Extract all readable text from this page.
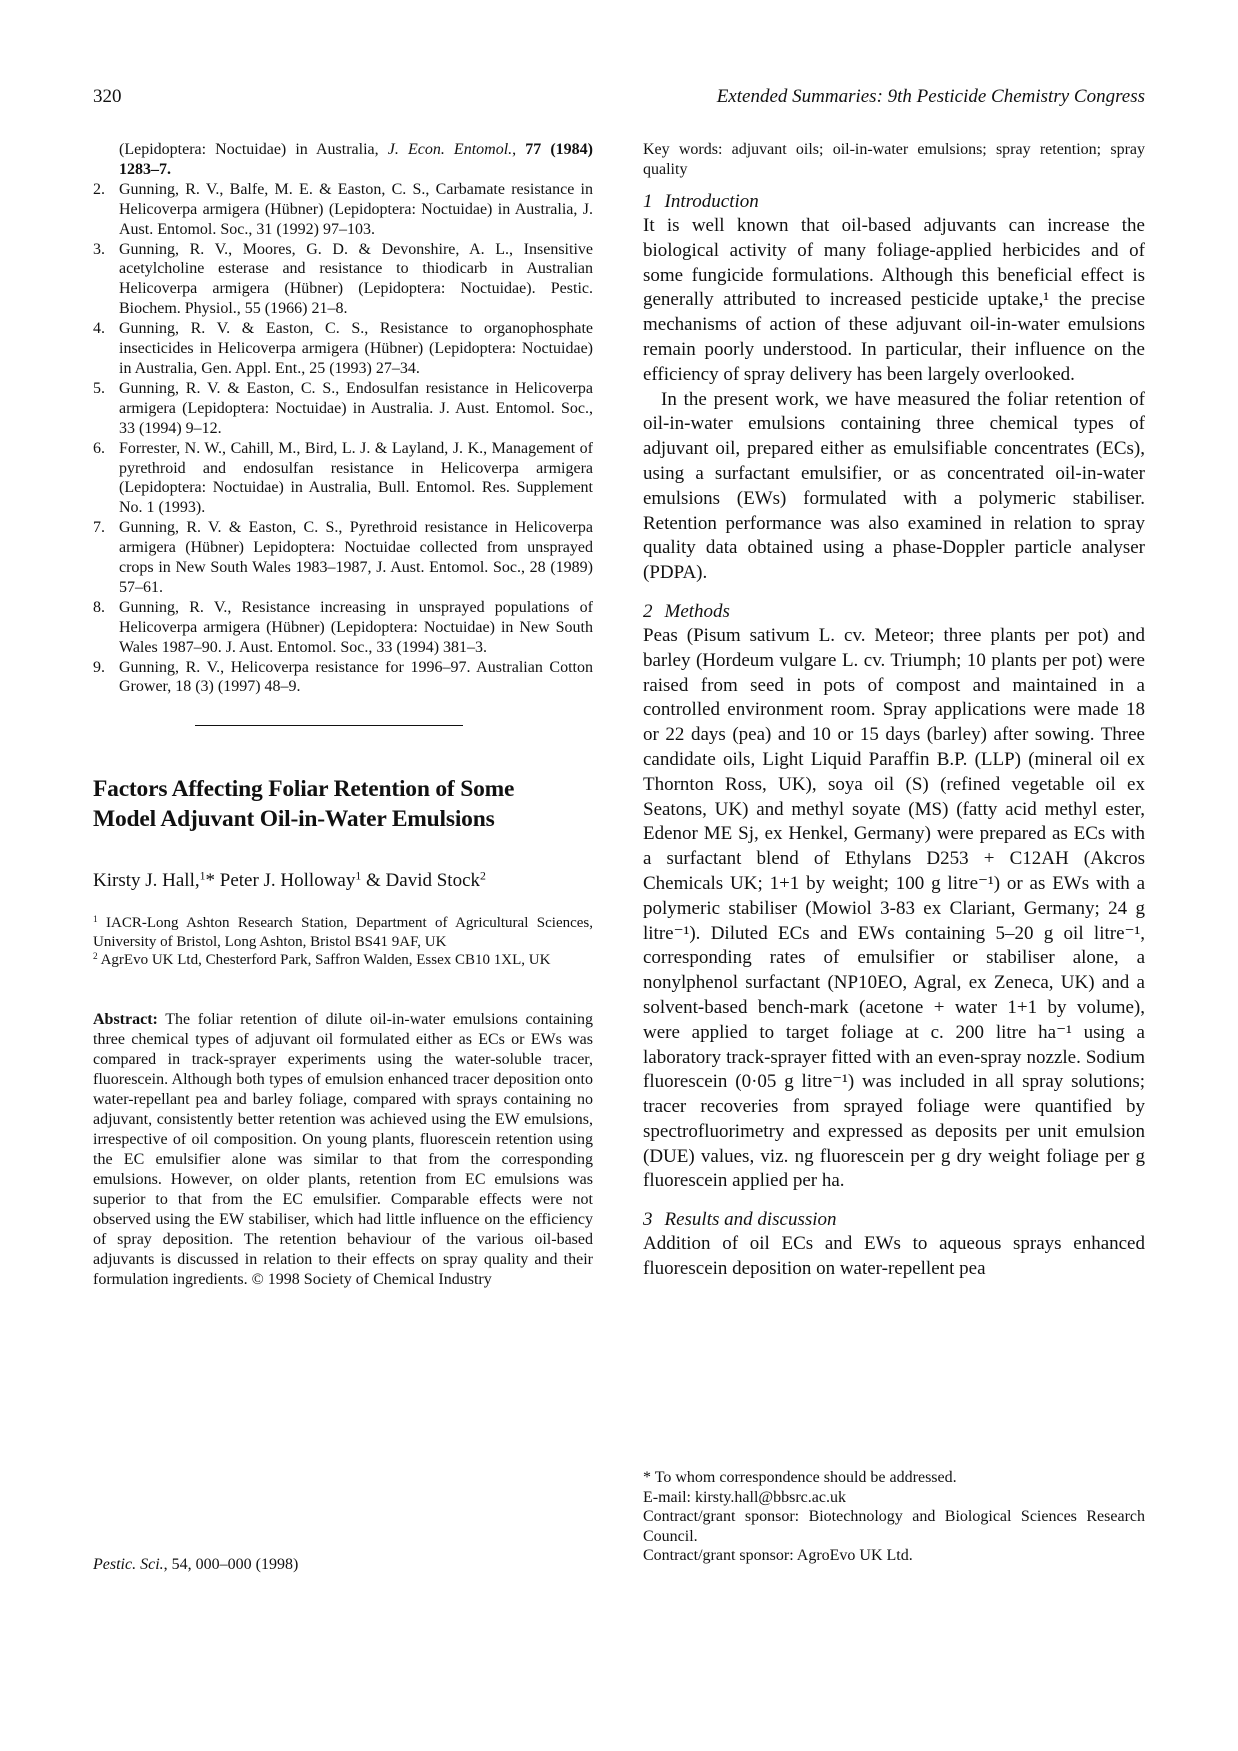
320	Extended Summaries: 9th Pesticide Chemistry Congress
(Lepidoptera: Noctuidae) in Australia, J. Econ. Entomol., 77 (1984) 1283–7.
2. Gunning, R. V., Balfe, M. E. & Easton, C. S., Carbamate resistance in Helicoverpa armigera (Hübner) (Lepidoptera: Noctuidae) in Australia, J. Aust. Entomol. Soc., 31 (1992) 97–103.
3. Gunning, R. V., Moores, G. D. & Devonshire, A. L., Insensitive acetylcholine esterase and resistance to thiodicarb in Australian Helicoverpa armigera (Hübner) (Lepidoptera: Noctuidae). Pestic. Biochem. Physiol., 55 (1966) 21–8.
4. Gunning, R. V. & Easton, C. S., Resistance to organophosphate insecticides in Helicoverpa armigera (Hübner) (Lepidoptera: Noctuidae) in Australia, Gen. Appl. Ent., 25 (1993) 27–34.
5. Gunning, R. V. & Easton, C. S., Endosulfan resistance in Helicoverpa armigera (Lepidoptera: Noctuidae) in Australia. J. Aust. Entomol. Soc., 33 (1994) 9–12.
6. Forrester, N. W., Cahill, M., Bird, L. J. & Layland, J. K., Management of pyrethroid and endosulfan resistance in Helicoverpa armigera (Lepidoptera: Noctuidae) in Australia, Bull. Entomol. Res. Supplement No. 1 (1993).
7. Gunning, R. V. & Easton, C. S., Pyrethroid resistance in Helicoverpa armigera (Hübner) Lepidoptera: Noctuidae collected from unsprayed crops in New South Wales 1983–1987, J. Aust. Entomol. Soc., 28 (1989) 57–61.
8. Gunning, R. V., Resistance increasing in unsprayed populations of Helicoverpa armigera (Hübner) (Lepidoptera: Noctuidae) in New South Wales 1987–90. J. Aust. Entomol. Soc., 33 (1994) 381–3.
9. Gunning, R. V., Helicoverpa resistance for 1996–97. Australian Cotton Grower, 18 (3) (1997) 48–9.
Factors Affecting Foliar Retention of Some
Model Adjuvant Oil-in-Water Emulsions
Kirsty J. Hall,$^1$* Peter J. Holloway$^1$ & David Stock$^2$
$^1$ IACR-Long Ashton Research Station, Department of Agricultural Sciences, University of Bristol, Long Ashton, Bristol BS41 9AF, UK
$^2$ AgrEvo UK Ltd, Chesterford Park, Saffron Walden, Essex CB10 1XL, UK
Abstract: The foliar retention of dilute oil-in-water emulsions containing three chemical types of adjuvant oil formulated either as ECs or EWs was compared in track-sprayer experiments using the water-soluble tracer, fluorescein. Although both types of emulsion enhanced tracer deposition onto water-repellant pea and barley foliage, compared with sprays containing no adjuvant, consistently better retention was achieved using the EW emulsions, irrespective of oil composition. On young plants, fluorescein retention using the EC emulsifier alone was similar to that from the corresponding emulsions. However, on older plants, retention from EC emulsions was superior to that from the EC emulsifier. Comparable effects were not observed using the EW stabiliser, which had little influence on the efficiency of spray deposition. The retention behaviour of the various oil-based adjuvants is discussed in relation to their effects on spray quality and their formulation ingredients. © 1998 Society of Chemical Industry
Pestic. Sci., 54, 000–000 (1998)
Key words: adjuvant oils; oil-in-water emulsions; spray retention; spray quality
1 Introduction
It is well known that oil-based adjuvants can increase the biological activity of many foliage-applied herbicides and of some fungicide formulations. Although this beneficial effect is generally attributed to increased pesticide uptake,¹ the precise mechanisms of action of these adjuvant oil-in-water emulsions remain poorly understood. In particular, their influence on the efficiency of spray delivery has been largely overlooked.
In the present work, we have measured the foliar retention of oil-in-water emulsions containing three chemical types of adjuvant oil, prepared either as emulsifiable concentrates (ECs), using a surfactant emulsifier, or as concentrated oil-in-water emulsions (EWs) formulated with a polymeric stabiliser. Retention performance was also examined in relation to spray quality data obtained using a phase-Doppler particle analyser (PDPA).
2 Methods
Peas (Pisum sativum L. cv. Meteor; three plants per pot) and barley (Hordeum vulgare L. cv. Triumph; 10 plants per pot) were raised from seed in pots of compost and maintained in a controlled environment room. Spray applications were made 18 or 22 days (pea) and 10 or 15 days (barley) after sowing. Three candidate oils, Light Liquid Paraffin B.P. (LLP) (mineral oil ex Thornton Ross, UK), soya oil (S) (refined vegetable oil ex Seatons, UK) and methyl soyate (MS) (fatty acid methyl ester, Edenor ME Sj, ex Henkel, Germany) were prepared as ECs with a surfactant blend of Ethylans D253 + C12AH (Akcros Chemicals UK; 1+1 by weight; 100 g litre⁻¹) or as EWs with a polymeric stabiliser (Mowiol 3-83 ex Clariant, Germany; 24 g litre⁻¹). Diluted ECs and EWs containing 5–20 g oil litre⁻¹, corresponding rates of emulsifier or stabiliser alone, a nonylphenol surfactant (NP10EO, Agral, ex Zeneca, UK) and a solvent-based bench-mark (acetone + water 1+1 by volume), were applied to target foliage at c. 200 litre ha⁻¹ using a laboratory track-sprayer fitted with an even-spray nozzle. Sodium fluorescein (0·05 g litre⁻¹) was included in all spray solutions; tracer recoveries from sprayed foliage were quantified by spectrofluorimetry and expressed as deposits per unit emulsion (DUE) values, viz. ng fluorescein per g dry weight foliage per g fluorescein applied per ha.
3 Results and discussion
Addition of oil ECs and EWs to aqueous sprays enhanced fluorescein deposition on water-repellent pea
* To whom correspondence should be addressed.
E-mail: kirsty.hall@bbsrc.ac.uk
Contract/grant sponsor: Biotechnology and Biological Sciences Research Council.
Contract/grant sponsor: AgroEvo UK Ltd.
